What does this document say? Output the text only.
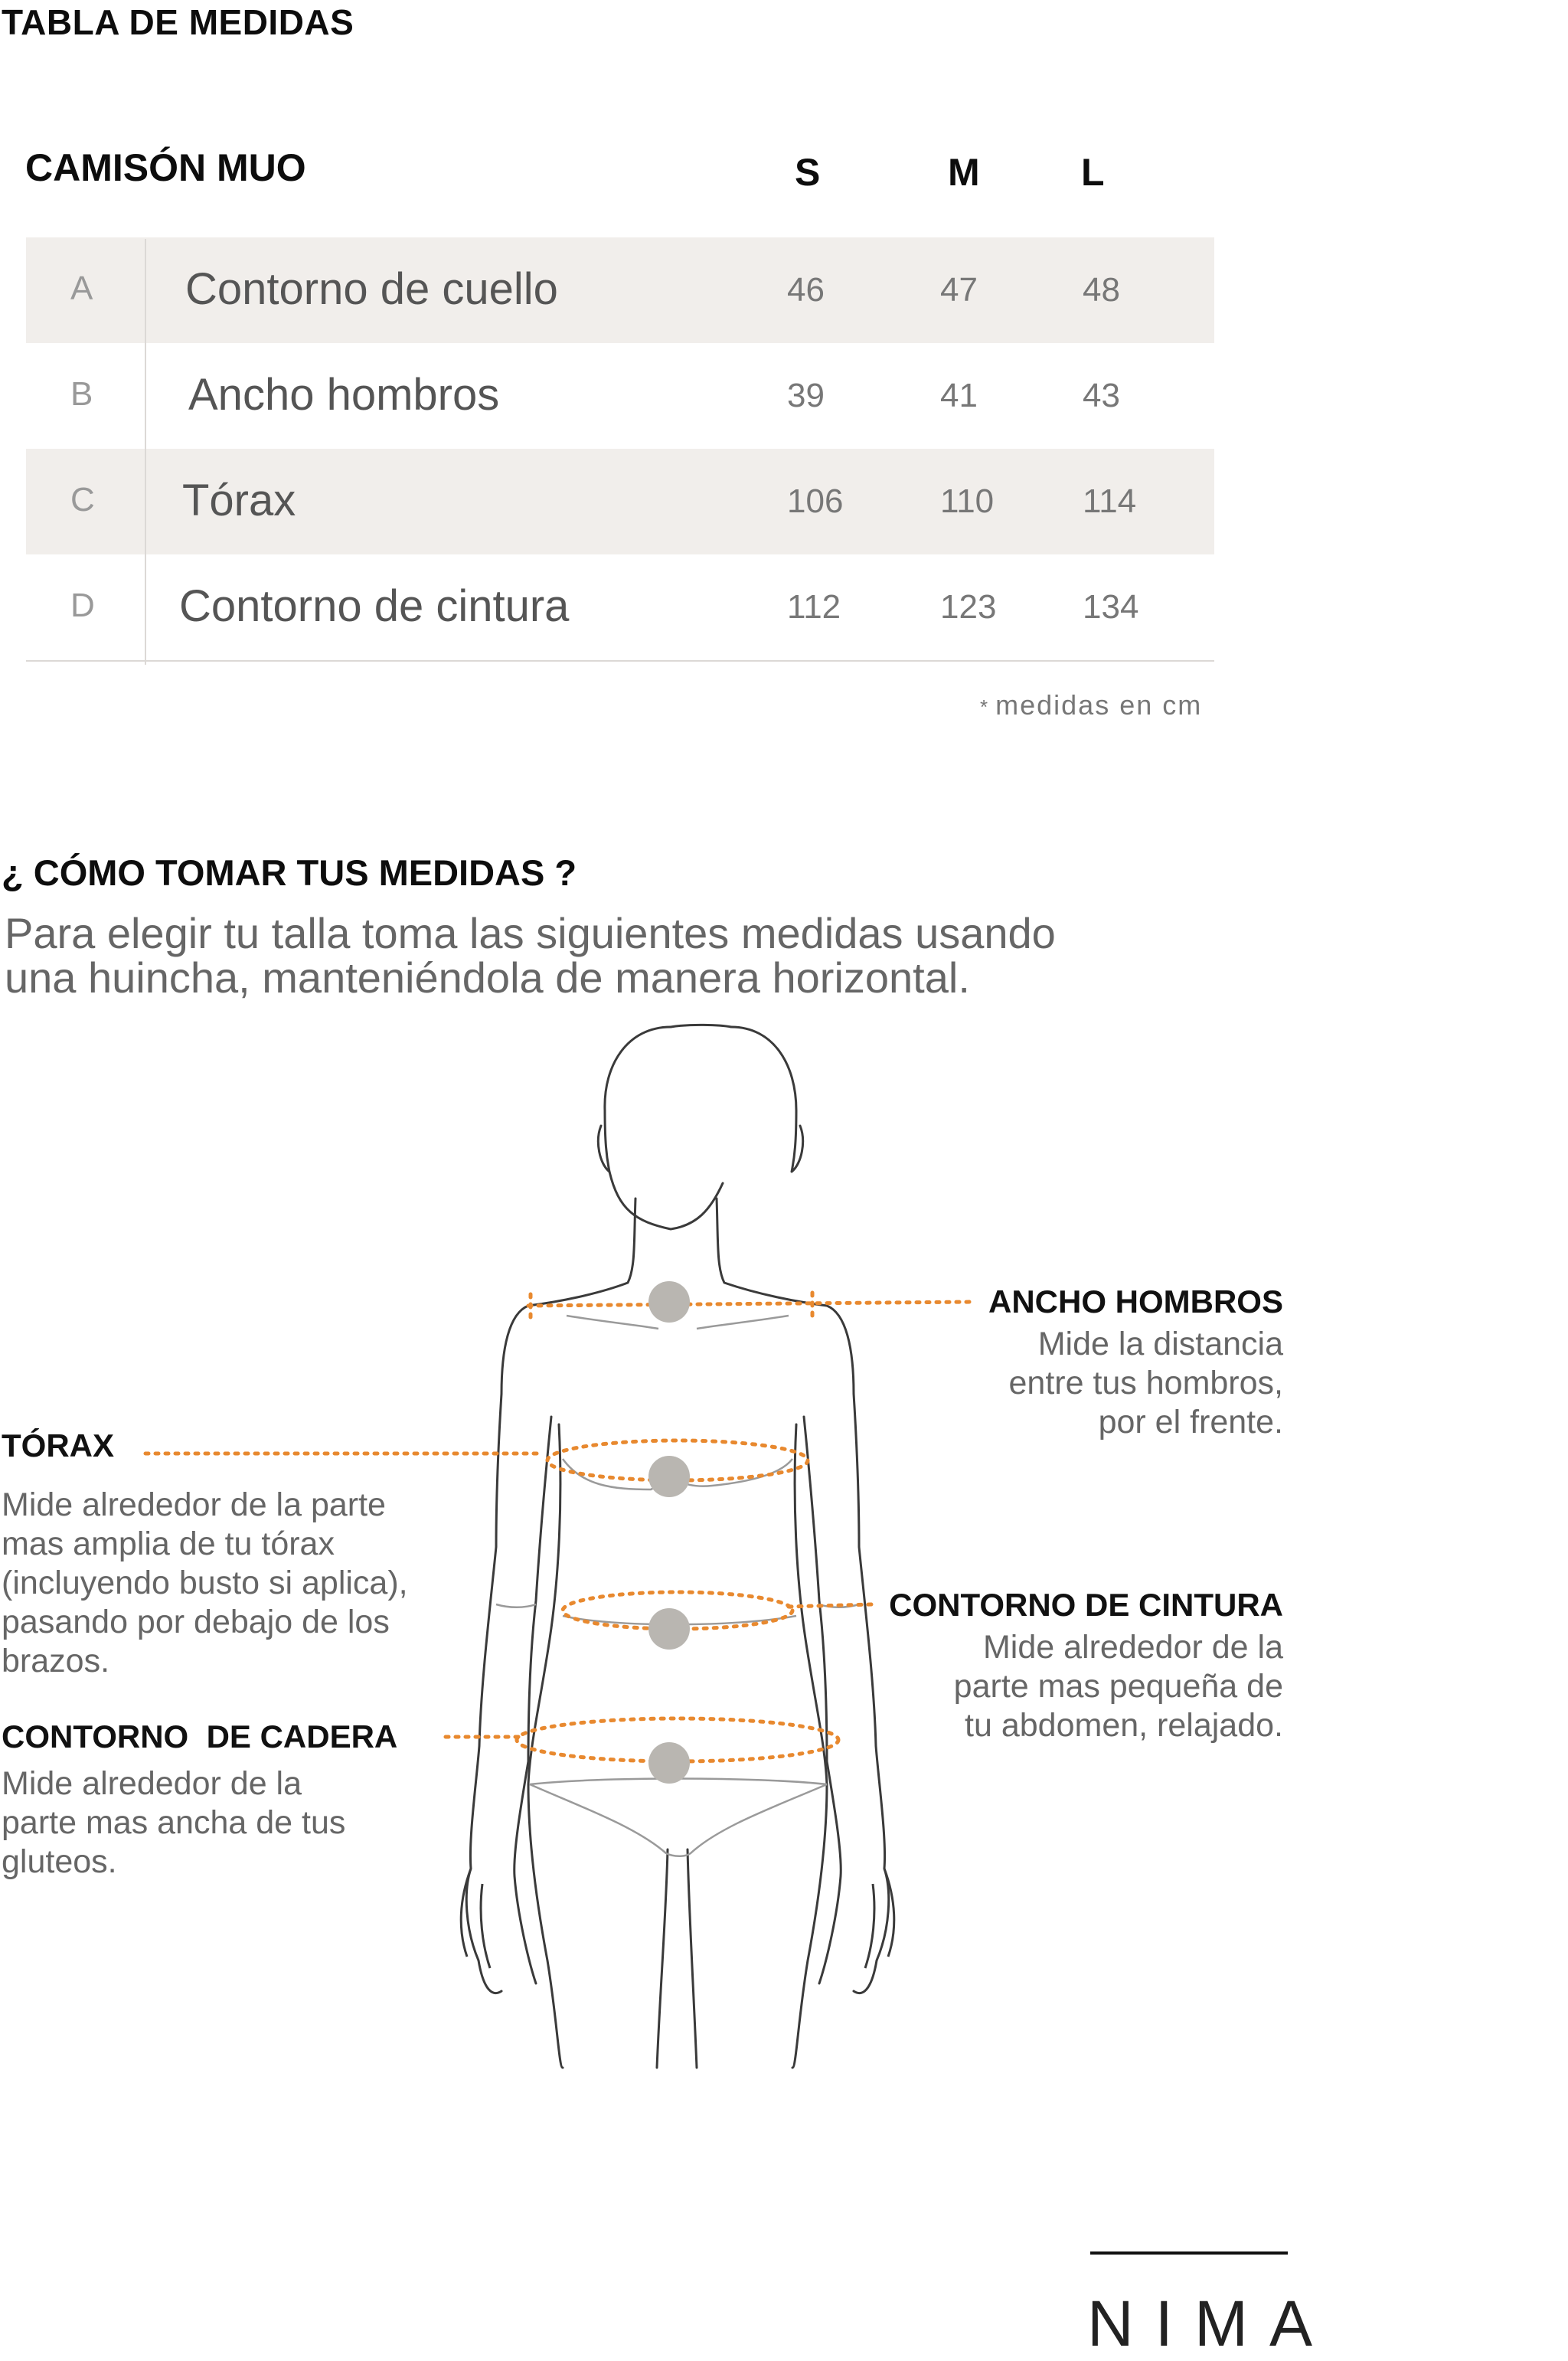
TABLA DE MEDIDAS
CAMISÓN MUO	S	M	L
A Contorno de cuello	46	47	48
B Ancho hombros	39	41	43
C Tórax	106	110	114
D Contorno de cintura	112	123	134
* medidas en cm
¿ CÓMO TOMAR TUS MEDIDAS ?
Para elegir tu talla toma las siguientes medidas usando
una huincha, manteniéndola de manera horizontal.
ANCHO HOMBROS
Mide la distancia
entre tus hombros,
por el frente.
TÓRAX
Mide alrededor de la parte
mas amplia de tu tórax
(incluyendo busto si aplica),
pasando por debajo de los
brazos.
CONTORNO DE CINTURA
Mide alrededor de la
parte mas pequeña de
tu abdomen, relajado.
CONTORNO  DE CADERA
Mide alrededor de la
parte mas ancha de tus
gluteos.
NIMA
